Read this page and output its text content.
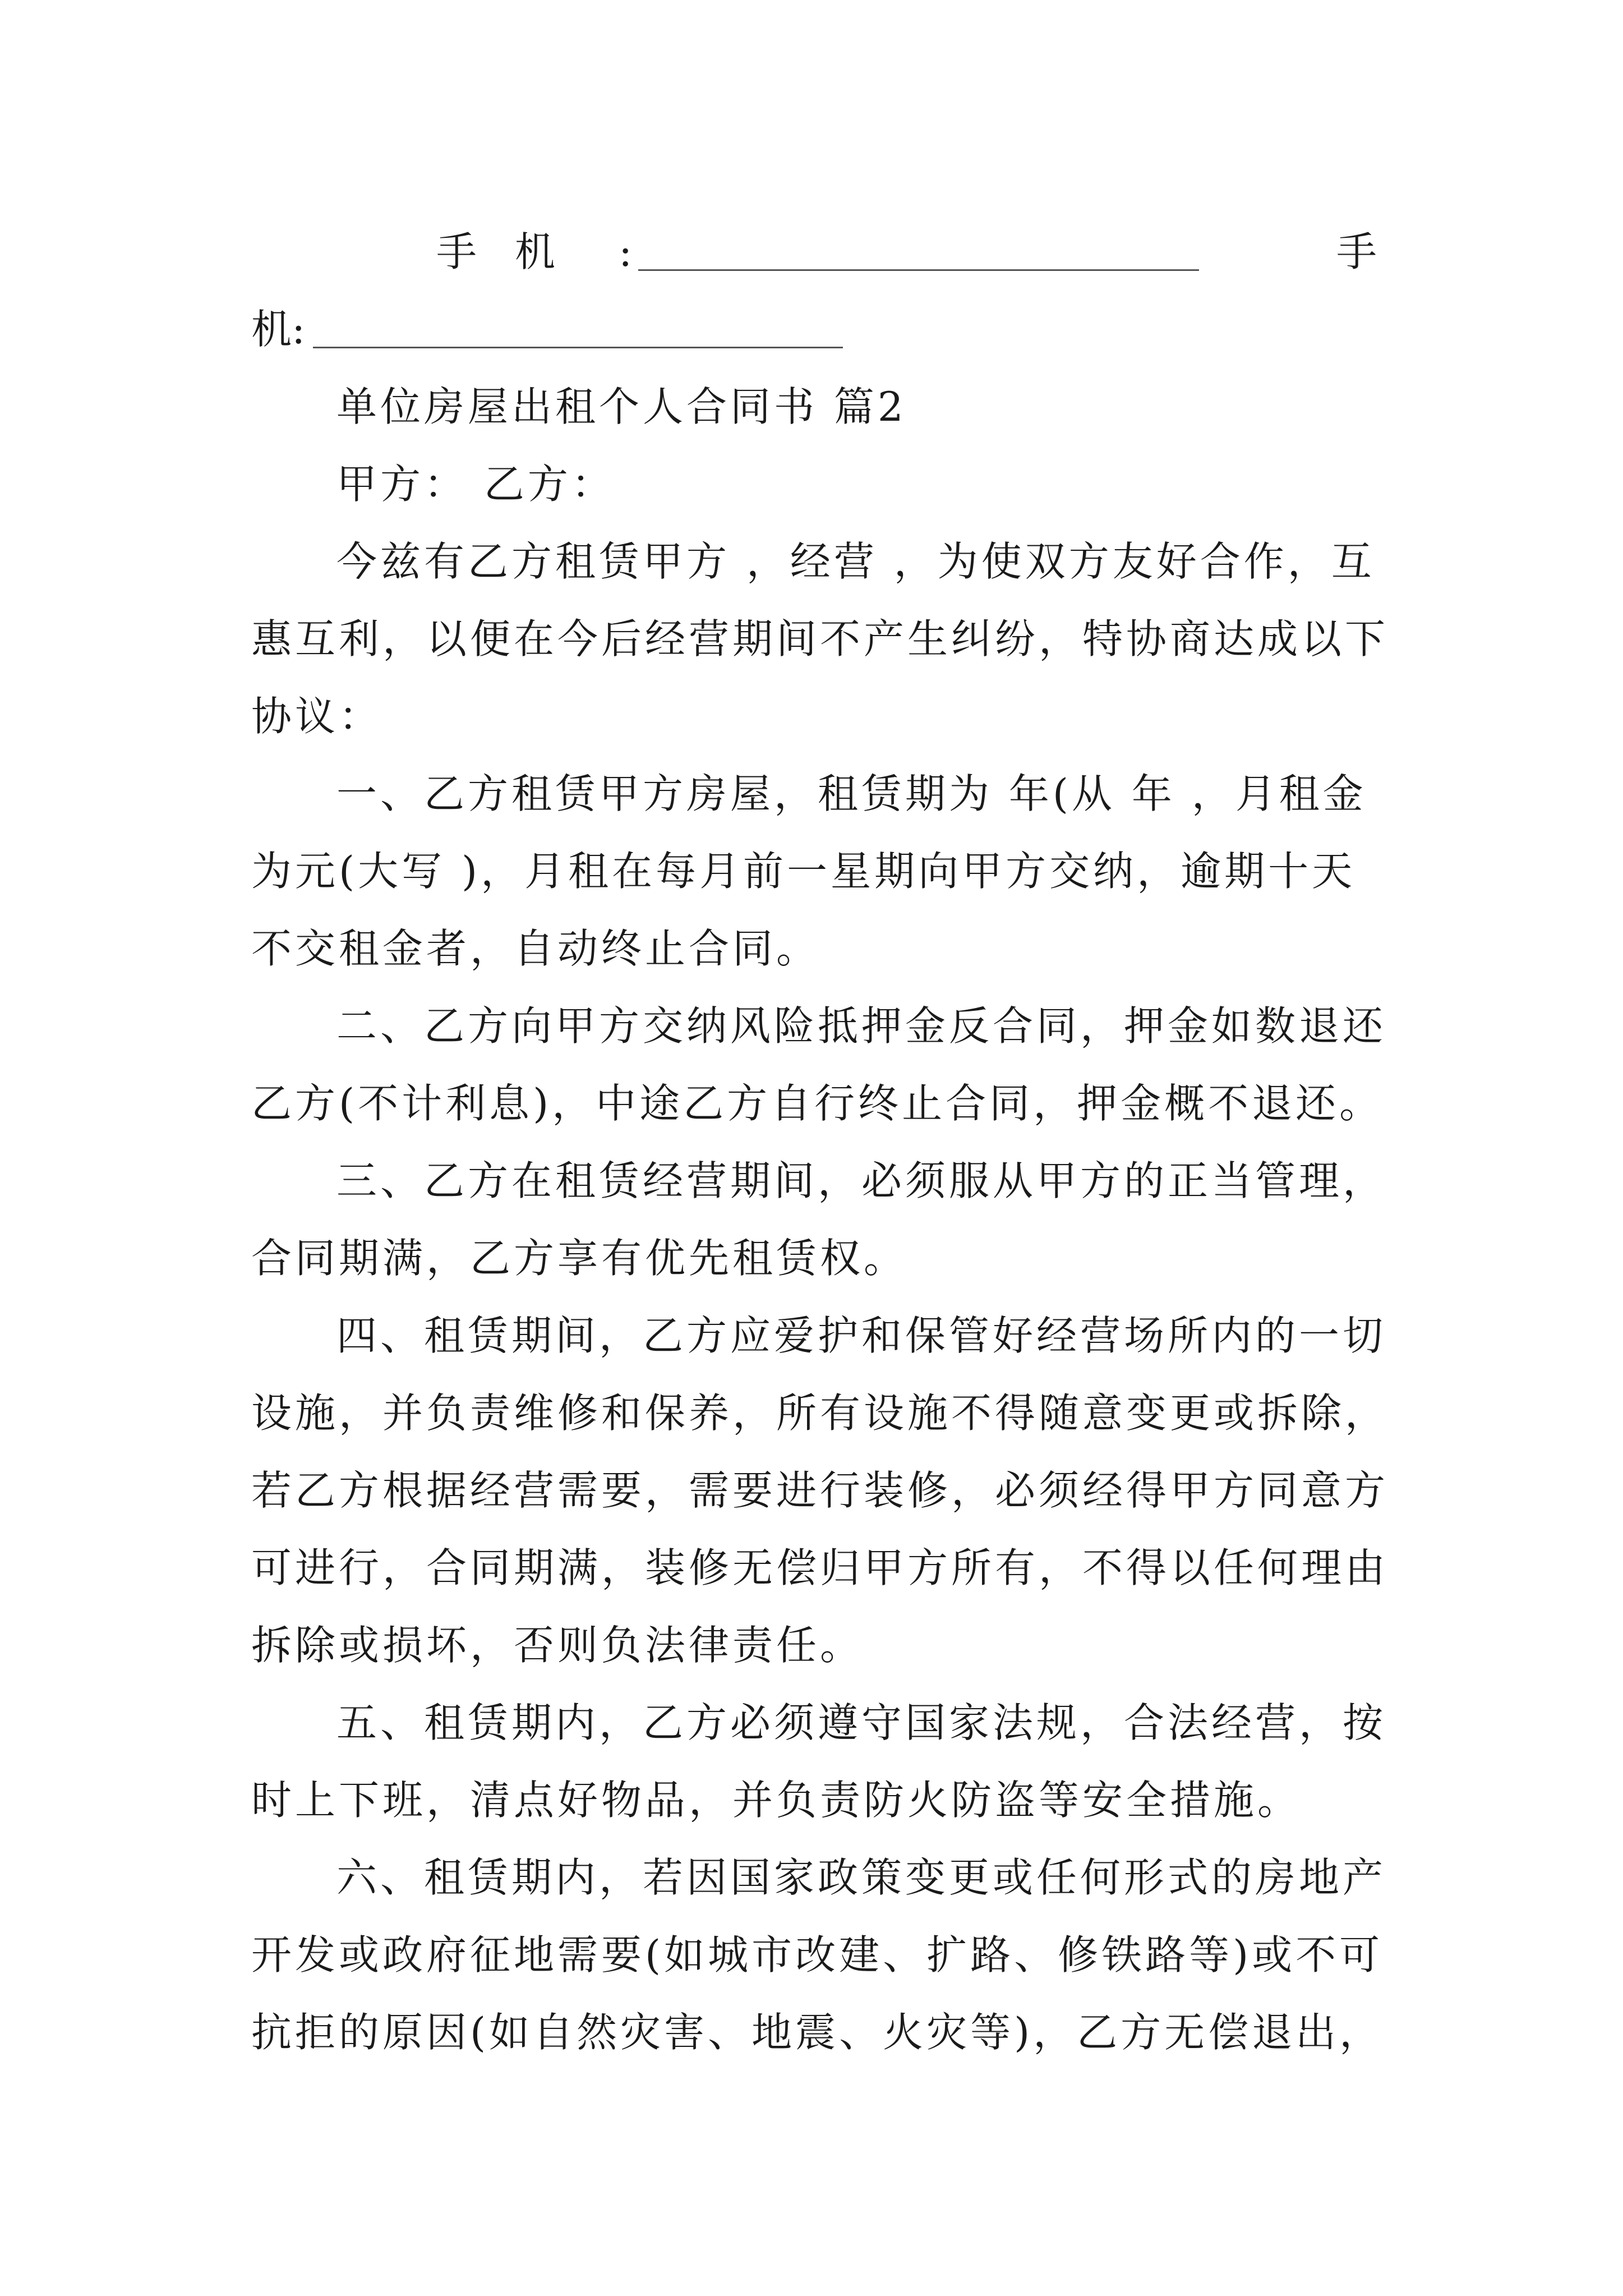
手机 :	手
机:
单位房屋出租个人合同书 篇2
甲方： 乙方：
今兹有乙方租赁甲方 ，经营 ，为使双方友好合作，互
惠互利，以便在今后经营期间不产生纠纷，特协商达成以下
协议：
一、乙方租赁甲方房屋，租赁期为 年(从 年 ，月租金
为元(大写 )，月租在每月前一星期向甲方交纳，逾期十天
不交租金者，自动终止合同。
二、乙方向甲方交纳风险抵押金反合同，押金如数退还
乙方(不计利息)，中途乙方自行终止合同，押金概不退还。
三、乙方在租赁经营期间，必须服从甲方的正当管理，
合同期满，乙方享有优先租赁权。
四、租赁期间，乙方应爱护和保管好经营场所内的一切
设施，并负责维修和保养，所有设施不得随意变更或拆除，
若乙方根据经营需要，需要进行装修，必须经得甲方同意方
可进行，合同期满，装修无偿归甲方所有，不得以任何理由
拆除或损坏，否则负法律责任。
五、租赁期内，乙方必须遵守国家法规，合法经营，按
时上下班，清点好物品，并负责防火防盗等安全措施。
六、租赁期内，若因国家政策变更或任何形式的房地产
开发或政府征地需要(如城市改建、扩路、修铁路等)或不可
抗拒的原因(如自然灾害、地震、火灾等)，乙方无偿退出，
